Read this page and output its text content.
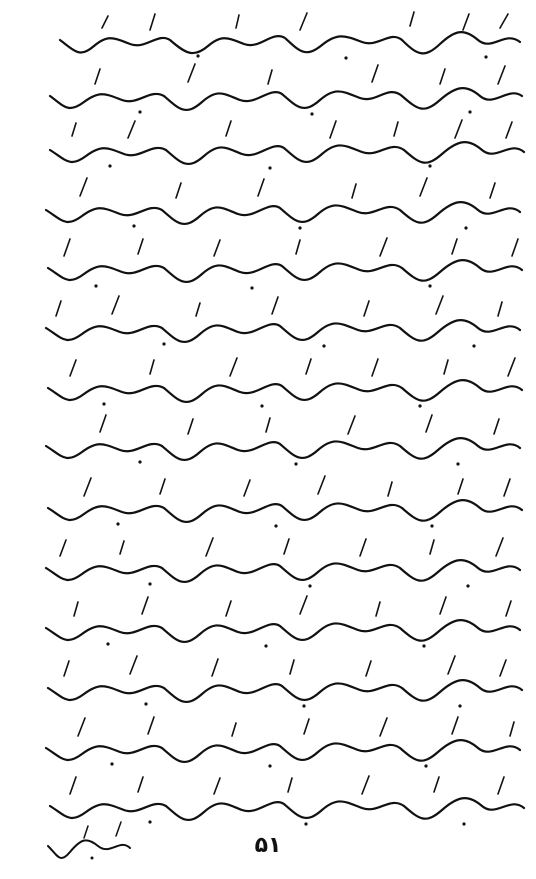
۵۱
